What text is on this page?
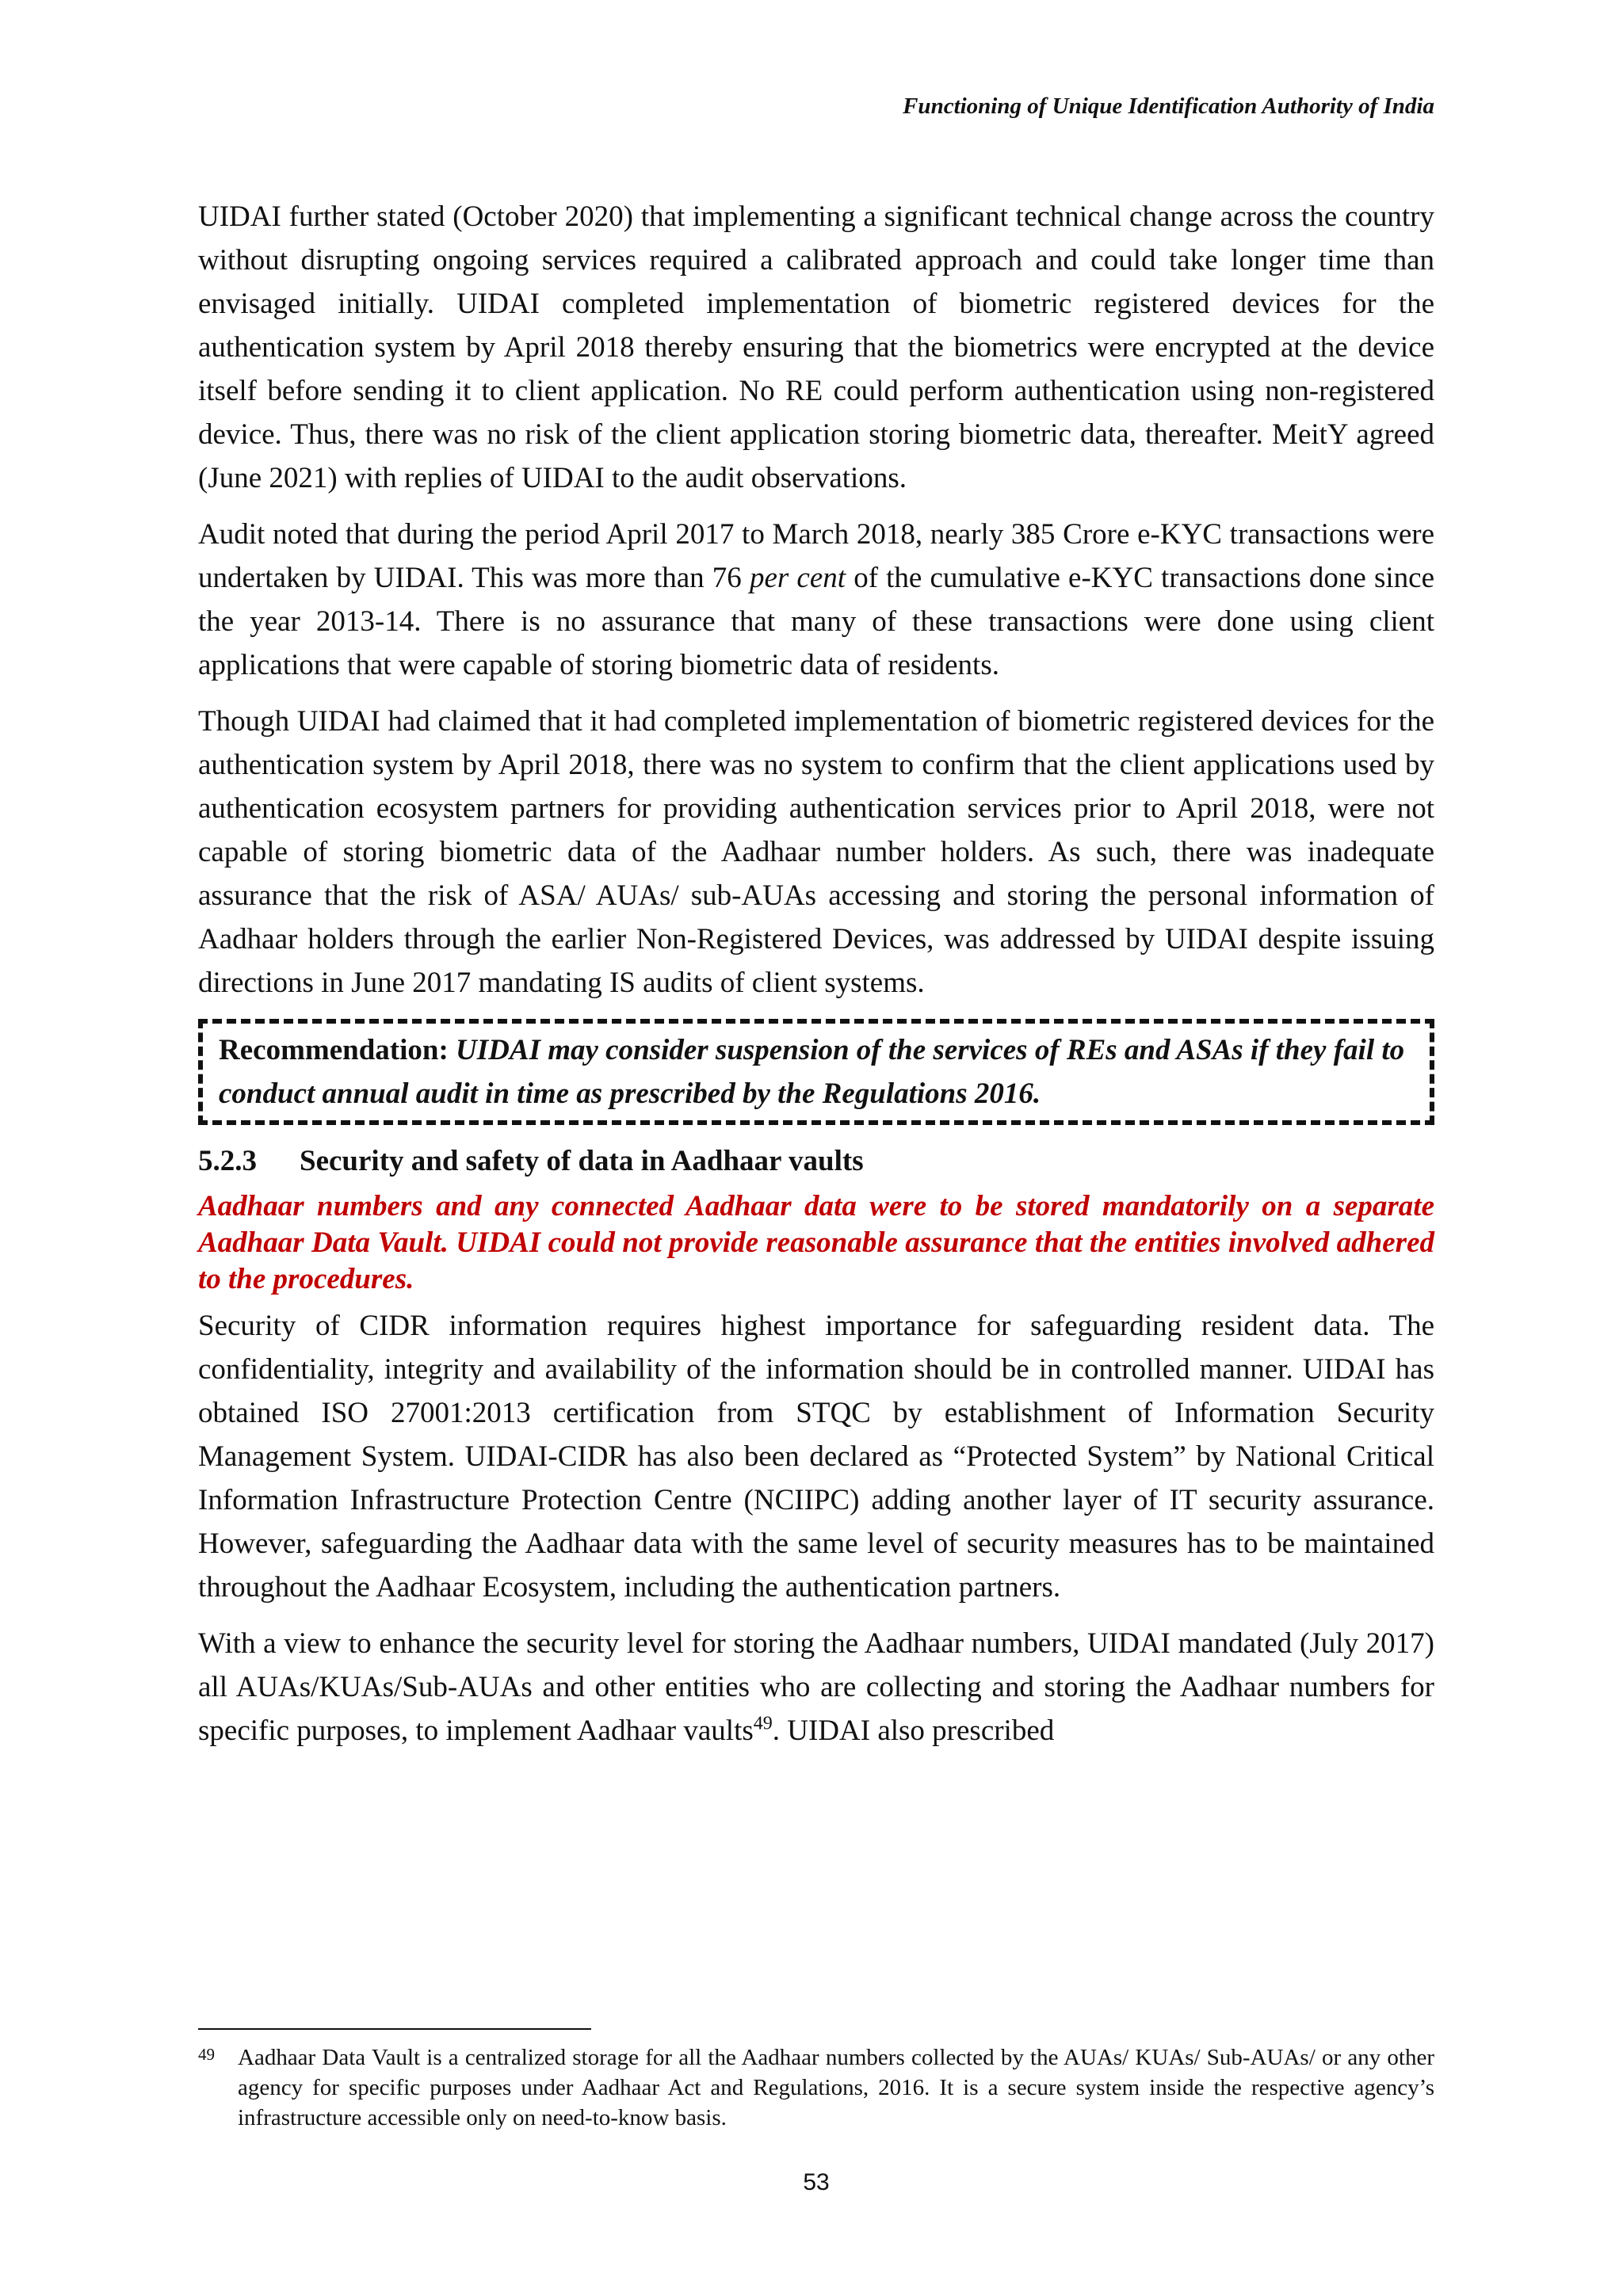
Functioning of Unique Identification Authority of India

UIDAI further stated (October 2020) that implementing a significant technical change across the country without disrupting ongoing services required a calibrated approach and could take longer time than envisaged initially. UIDAI completed implementation of biometric registered devices for the authentication system by April 2018 thereby ensuring that the biometrics were encrypted at the device itself before sending it to client application. No RE could perform authentication using non-registered device. Thus, there was no risk of the client application storing biometric data, thereafter. MeitY agreed (June 2021) with replies of UIDAI to the audit observations.

Audit noted that during the period April 2017 to March 2018, nearly 385 Crore e-KYC transactions were undertaken by UIDAI. This was more than 76 per cent of the cumulative e-KYC transactions done since the year 2013-14. There is no assurance that many of these transactions were done using client applications that were capable of storing biometric data of residents.

Though UIDAI had claimed that it had completed implementation of biometric registered devices for the authentication system by April 2018, there was no system to confirm that the client applications used by authentication ecosystem partners for providing authentication services prior to April 2018, were not capable of storing biometric data of the Aadhaar number holders. As such, there was inadequate assurance that the risk of ASA/ AUAs/ sub-AUAs accessing and storing the personal information of Aadhaar holders through the earlier Non-Registered Devices, was addressed by UIDAI despite issuing directions in June 2017 mandating IS audits of client systems.

Recommendation: UIDAI may consider suspension of the services of REs and ASAs if they fail to conduct annual audit in time as prescribed by the Regulations 2016.
5.2.3 Security and safety of data in Aadhaar vaults

Aadhaar numbers and any connected Aadhaar data were to be stored mandatorily on a separate Aadhaar Data Vault. UIDAI could not provide reasonable assurance that the entities involved adhered to the procedures.

Security of CIDR information requires highest importance for safeguarding resident data. The confidentiality, integrity and availability of the information should be in controlled manner. UIDAI has obtained ISO 27001:2013 certification from STQC by establishment of Information Security Management System. UIDAI-CIDR has also been declared as “Protected System” by National Critical Information Infrastructure Protection Centre (NCIIPC) adding another layer of IT security assurance. However, safeguarding the Aadhaar data with the same level of security measures has to be maintained throughout the Aadhaar Ecosystem, including the authentication partners.

With a view to enhance the security level for storing the Aadhaar numbers, UIDAI mandated (July 2017) all AUAs/KUAs/Sub-AUAs and other entities who are collecting and storing the Aadhaar numbers for specific purposes, to implement Aadhaar vaults$^{49}$. UIDAI also prescribed

49 Aadhaar Data Vault is a centralized storage for all the Aadhaar numbers collected by the AUAs/ KUAs/ Sub-AUAs/ or any other agency for specific purposes under Aadhaar Act and Regulations, 2016. It is a secure system inside the respective agency’s infrastructure accessible only on need-to-know basis.
53
